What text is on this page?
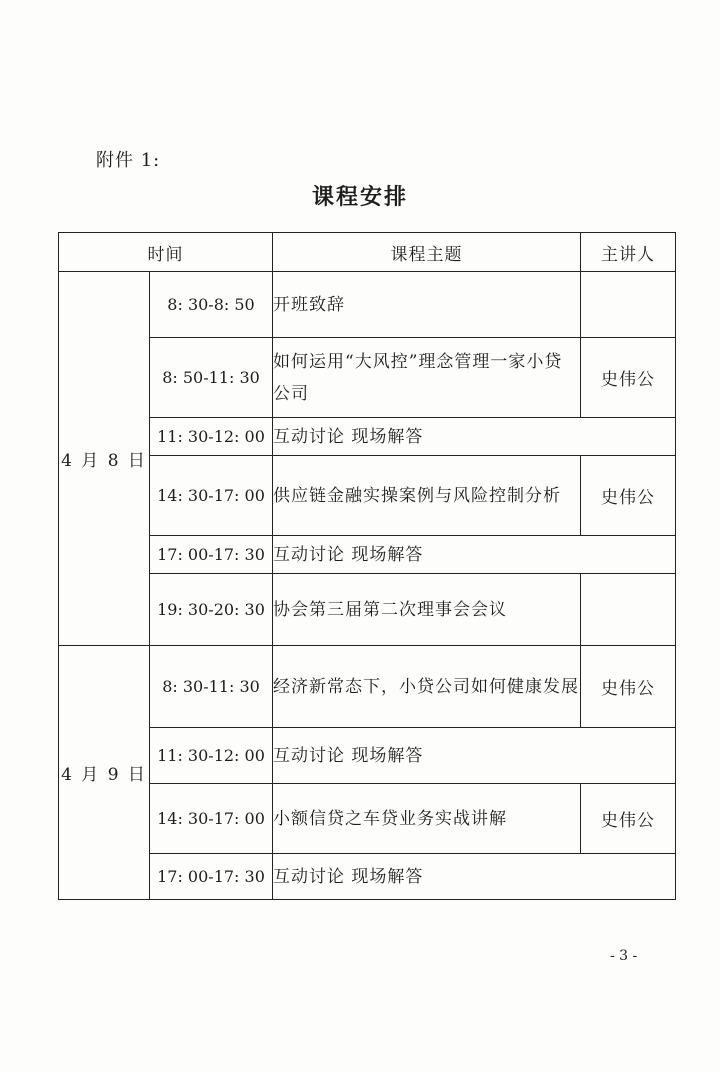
附件 1:
课程安排
时间		课程主题	主讲人
4 月 8 日	8: 30-8: 50	开班致辞	
	8: 50-11: 30	如何运用“大风控”理念管理一家小贷公司	史伟公
	11: 30-12: 00	互动讨论 现场解答	
	14: 30-17: 00	供应链金融实操案例与风险控制分析	史伟公
	17: 00-17: 30	互动讨论 现场解答	
	19: 30-20: 30	协会第三届第二次理事会会议	
4 月 9 日	8: 30-11: 30	经济新常态下，小贷公司如何健康发展	史伟公
	11: 30-12: 00	互动讨论 现场解答	
	14: 30-17: 00	小额信贷之车贷业务实战讲解	史伟公
	17: 00-17: 30	互动讨论 现场解答	
- 3 -
